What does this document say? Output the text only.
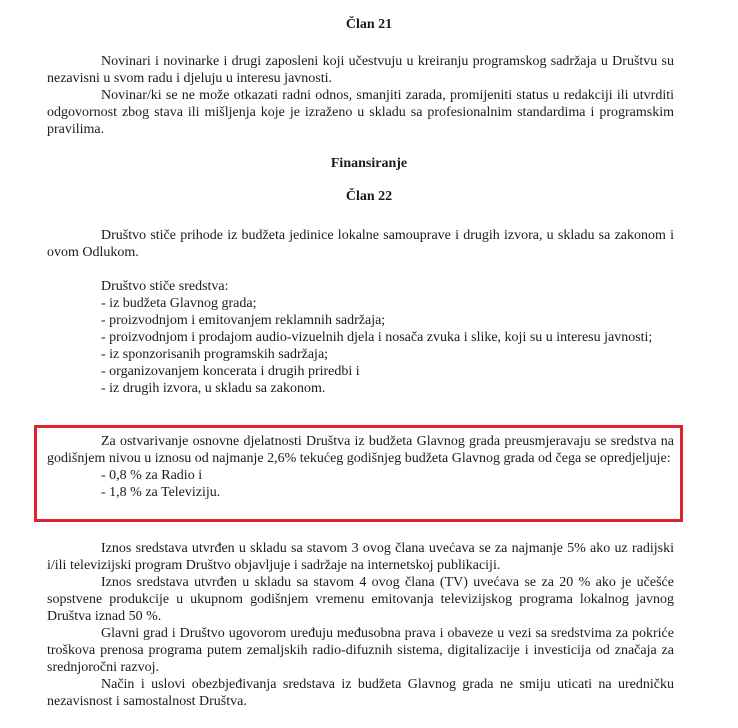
Član 21

Novinari i novinarke i drugi zaposleni koji učestvuju u kreiranju programskog sadržaja u Društvu su nezavisni u svom radu i djeluju u interesu javnosti.

Novinar/ki se ne može otkazati radni odnos, smanjiti zarada, promijeniti status u redakciji ili utvrditi odgovornost zbog stava ili mišljenja koje je izraženo u skladu sa profesionalnim standardima i programskim pravilima.

Finansiranje
Član 22

Društvo stiče prihode iz budžeta jedinice lokalne samouprave i drugih izvora, u skladu sa zakonom i ovom Odlukom.

Društvo stiče sredstva:

- iz budžeta Glavnog grada;

- proizvodnjom i emitovanjem reklamnih sadržaja;

- proizvodnjom i prodajom audio-vizuelnih djela i nosača zvuka i slike, koji su u interesu javnosti;

- iz sponzorisanih programskih sadržaja;

- organizovanjem koncerata i drugih priredbi i

- iz drugih izvora, u skladu sa zakonom.

Za ostvarivanje osnovne djelatnosti Društva iz budžeta Glavnog grada preusmjeravaju se sredstva na godišnjem nivou u iznosu od najmanje 2,6% tekućeg godišnjeg budžeta Glavnog grada od čega se opredjeljuje:

- 0,8 % za Radio i

- 1,8 % za Televiziju.

Iznos sredstava utvrđen u skladu sa stavom 3 ovog člana uvećava se za najmanje 5% ako uz radijski i/ili televizijski program Društvo objavljuje i sadržaje na internetskoj publikaciji.

Iznos sredstava utvrđen u skladu sa stavom 4 ovog člana (TV) uvećava se za 20 % ako je učešće sopstvene produkcije u ukupnom godišnjem vremenu emitovanja televizijskog programa lokalnog javnog Društva iznad 50 %.

Glavni grad i Društvo ugovorom uređuju međusobna prava i obaveze u vezi sa sredstvima za pokriće troškova prenosa programa putem zemaljskih radio-difuznih sistema, digitalizacije i investicija od značaja za srednjoročni razvoj.

Način i uslovi obezbjeđivanja sredstava iz budžeta Glavnog grada ne smiju uticati na uredničku nezavisnost i samostalnost Društva.
